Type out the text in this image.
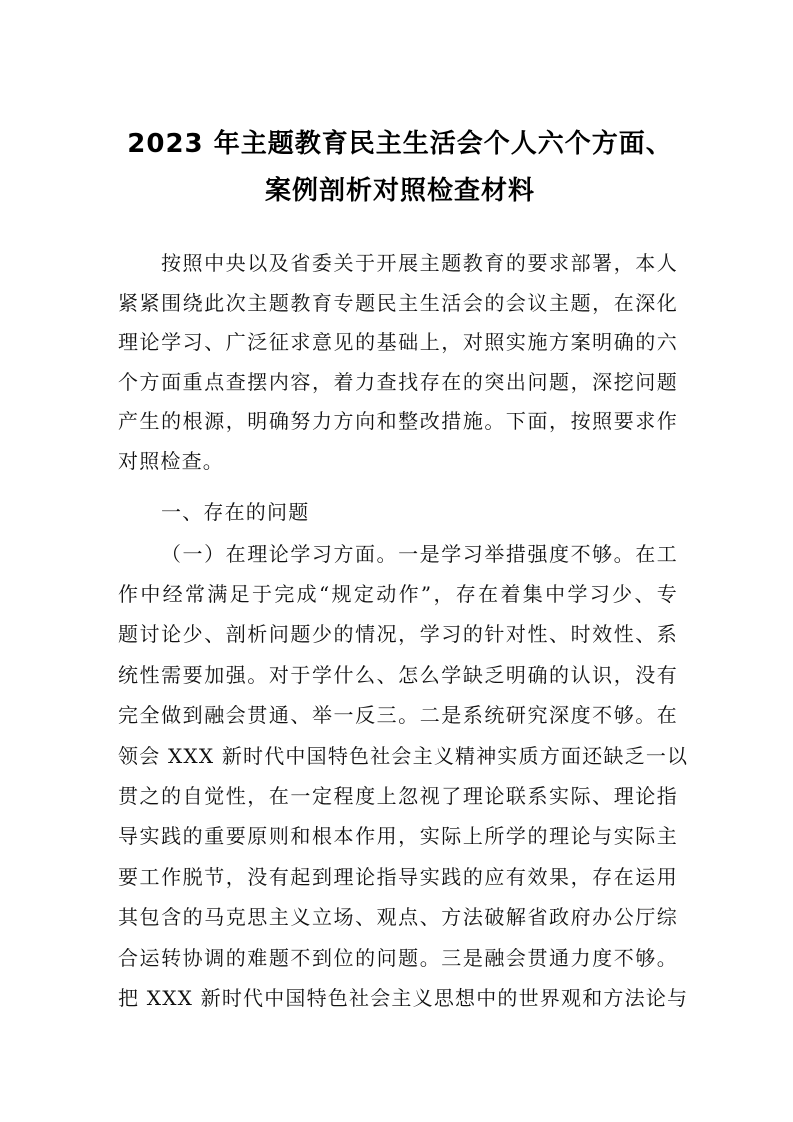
2023 年主题教育民主生活会个人六个方面、
案例剖析对照检查材料
按照中央以及省委关于开展主题教育的要求部署，本人
紧紧围绕此次主题教育专题民主生活会的会议主题，在深化
理论学习、广泛征求意见的基础上，对照实施方案明确的六
个方面重点查摆内容，着力查找存在的突出问题，深挖问题
产生的根源，明确努力方向和整改措施。下面，按照要求作
对照检查。
一、存在的问题
（一）在理论学习方面。一是学习举措强度不够。在工
作中经常满足于完成“规定动作”，存在着集中学习少、专
题讨论少、剖析问题少的情况，学习的针对性、时效性、系
统性需要加强。对于学什么、怎么学缺乏明确的认识，没有
完全做到融会贯通、举一反三。二是系统研究深度不够。在
领会 XXX 新时代中国特色社会主义精神实质方面还缺乏一以
贯之的自觉性，在一定程度上忽视了理论联系实际、理论指
导实践的重要原则和根本作用，实际上所学的理论与实际主
要工作脱节，没有起到理论指导实践的应有效果，存在运用
其包含的马克思主义立场、观点、方法破解省政府办公厅综
合运转协调的难题不到位的问题。三是融会贯通力度不够。
把 XXX 新时代中国特色社会主义思想中的世界观和方法论与
